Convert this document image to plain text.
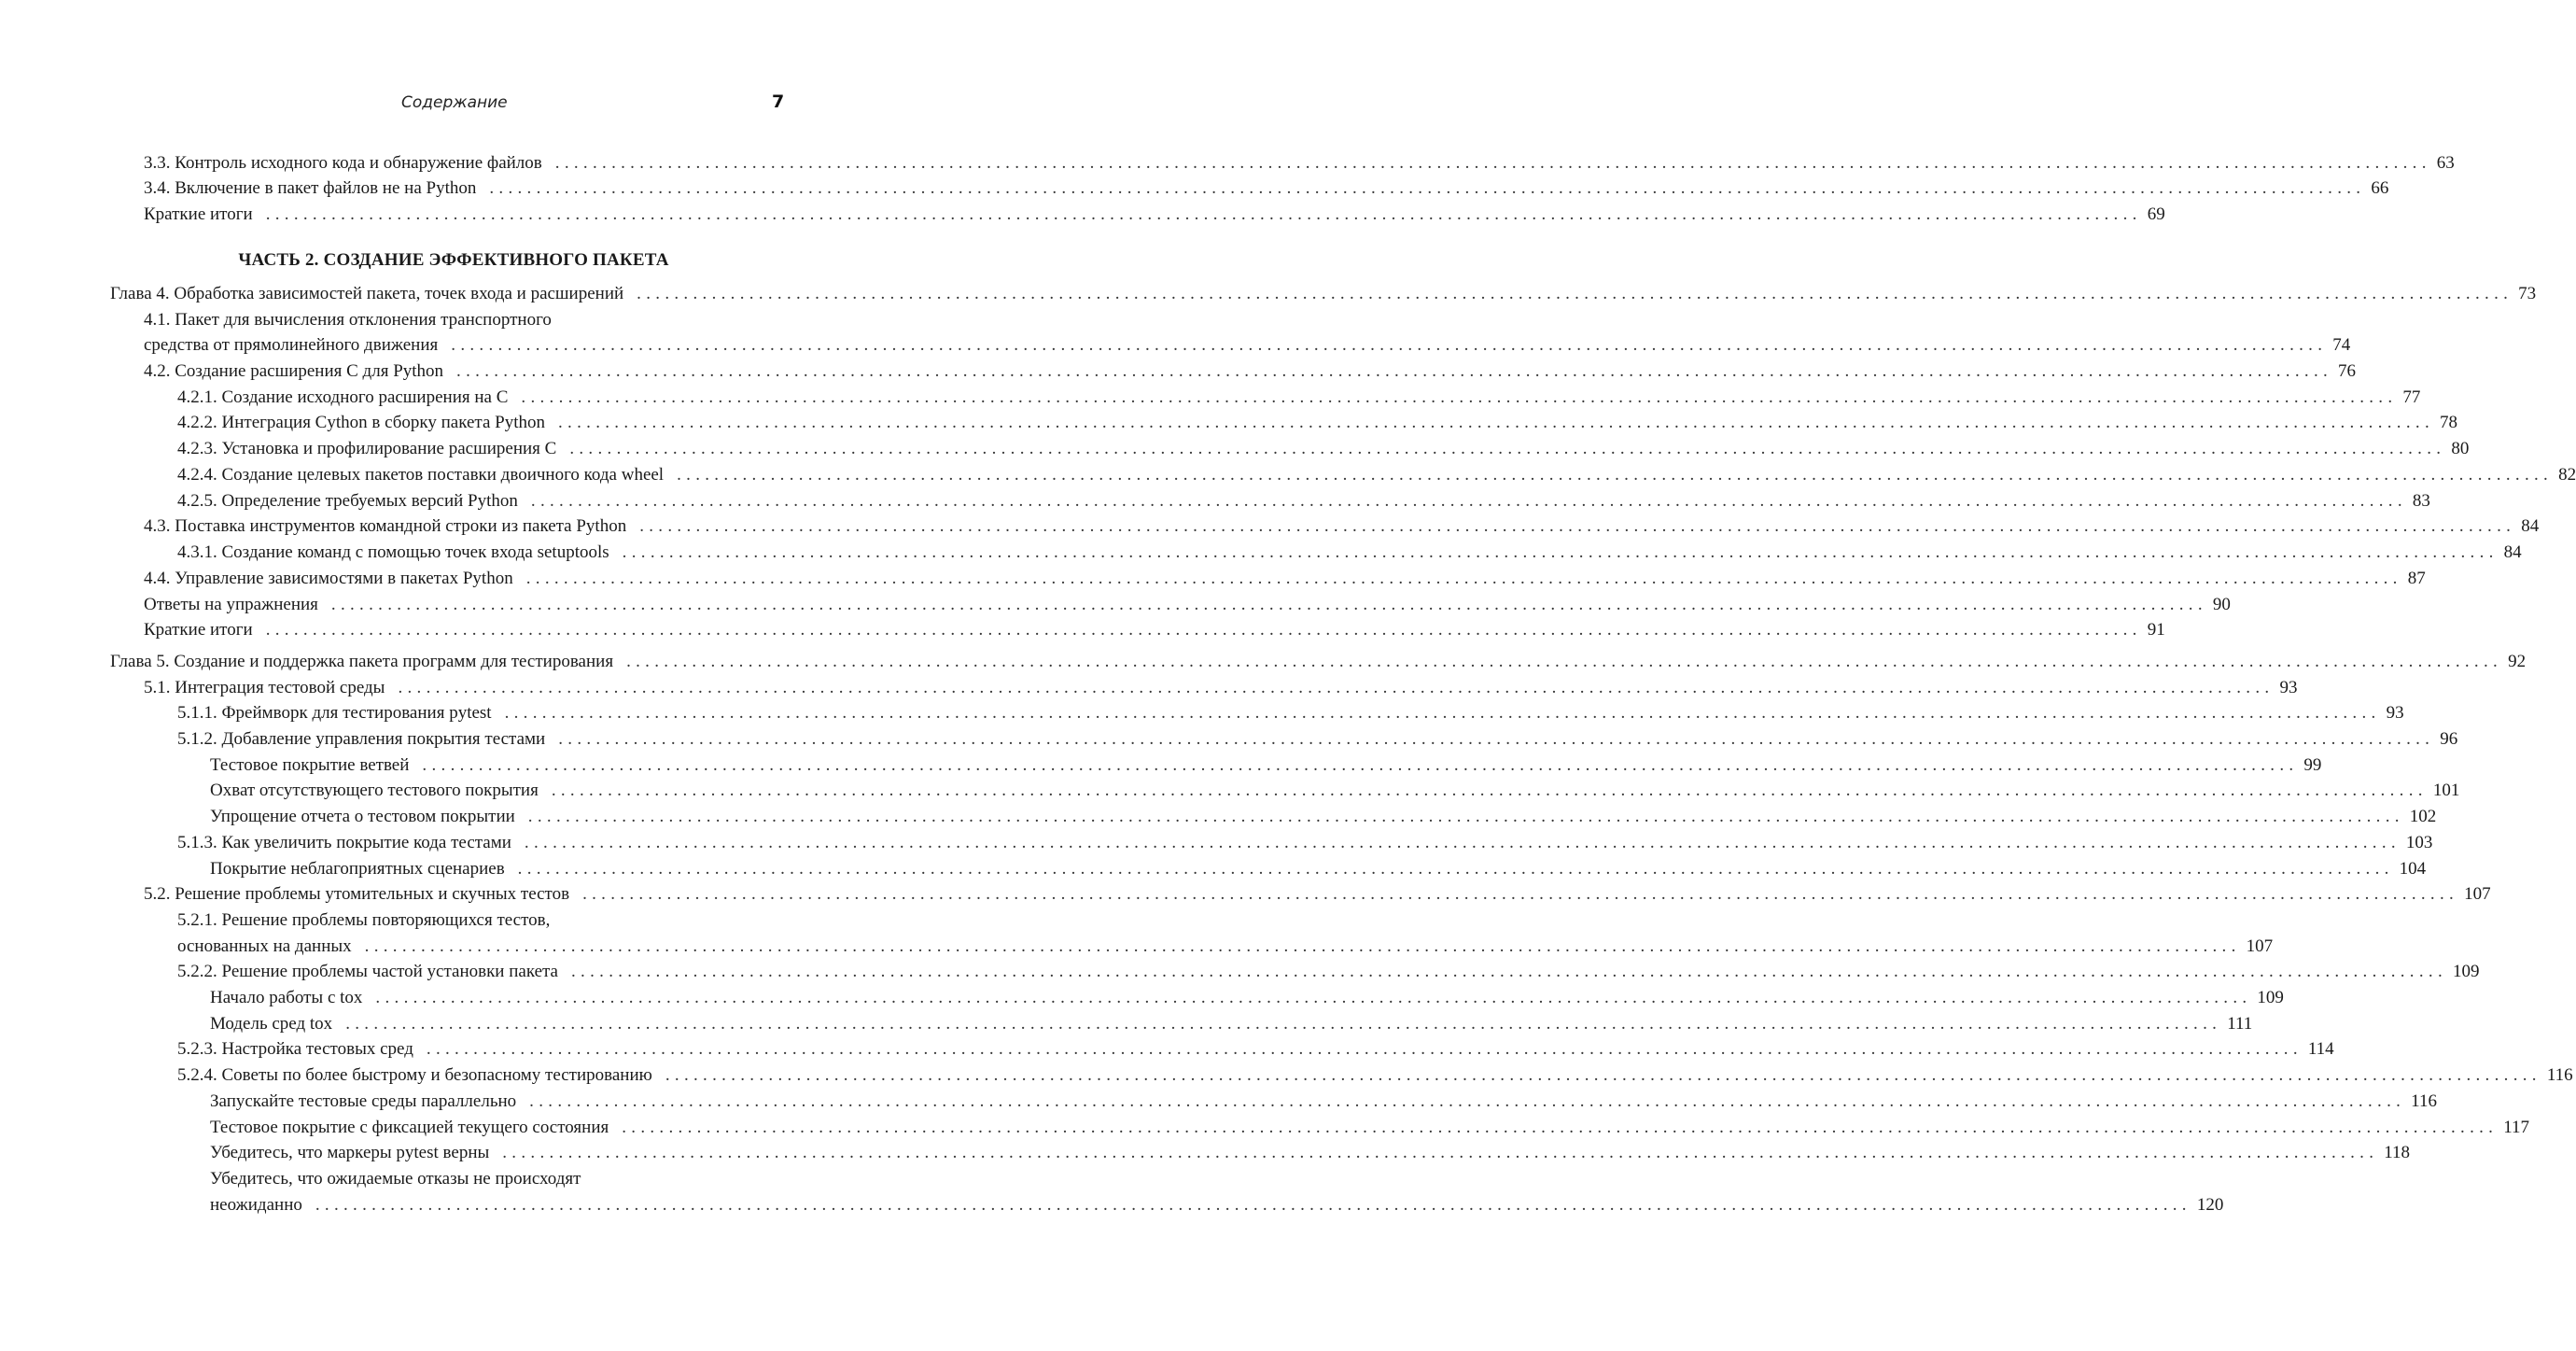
Содержание	7
ЧАСТЬ 2. СОЗДАНИЕ ЭФФЕКТИВНОГО ПАКЕТА
3.3. Контроль исходного кода и обнаружение файлов ........................................................................................................................................................................................................ 63
3.4. Включение в пакет файлов не на Python ........................................................................................................................................................................................................ 66
Краткие итоги ........................................................................................................................................................................................................ 69
Глава 4. Обработка зависимостей пакета, точек входа и расширений ........................................................................................................................................................................................................ 73
4.1. Пакет для вычисления отклонения транспортного
средства от прямолинейного движения ........................................................................................................................................................................................................ 74
4.2. Создание расширения C для Python ........................................................................................................................................................................................................ 76
4.2.1. Создание исходного расширения на C ........................................................................................................................................................................................................ 77
4.2.2. Интеграция Cython в сборку пакета Python ........................................................................................................................................................................................................ 78
4.2.3. Установка и профилирование расширения C ........................................................................................................................................................................................................ 80
4.2.4. Создание целевых пакетов поставки двоичного кода wheel ........................................................................................................................................................................................................ 82
4.2.5. Определение требуемых версий Python ........................................................................................................................................................................................................ 83
4.3. Поставка инструментов командной строки из пакета Python ........................................................................................................................................................................................................ 84
4.3.1. Создание команд с помощью точек входа setuptools ........................................................................................................................................................................................................ 84
4.4. Управление зависимостями в пакетах Python ........................................................................................................................................................................................................ 87
Ответы на упражнения ........................................................................................................................................................................................................ 90
Краткие итоги ........................................................................................................................................................................................................ 91
Глава 5. Создание и поддержка пакета программ для тестирования ........................................................................................................................................................................................................ 92
5.1. Интеграция тестовой среды ........................................................................................................................................................................................................ 93
5.1.1. Фреймворк для тестирования pytest ........................................................................................................................................................................................................ 93
5.1.2. Добавление управления покрытия тестами ........................................................................................................................................................................................................ 96
Тестовое покрытие ветвей ........................................................................................................................................................................................................ 99
Охват отсутствующего тестового покрытия ........................................................................................................................................................................................................ 101
Упрощение отчета о тестовом покрытии ........................................................................................................................................................................................................ 102
5.1.3. Как увеличить покрытие кода тестами ........................................................................................................................................................................................................ 103
Покрытие неблагоприятных сценариев ........................................................................................................................................................................................................ 104
5.2. Решение проблемы утомительных и скучных тестов ........................................................................................................................................................................................................ 107
5.2.1. Решение проблемы повторяющихся тестов,
основанных на данных ........................................................................................................................................................................................................ 107
5.2.2. Решение проблемы частой установки пакета ........................................................................................................................................................................................................ 109
Начало работы с tox ........................................................................................................................................................................................................ 109
Модель сред tox ........................................................................................................................................................................................................ 111
5.2.3. Настройка тестовых сред ........................................................................................................................................................................................................ 114
5.2.4. Советы по более быстрому и безопасному тестированию ........................................................................................................................................................................................................ 116
Запускайте тестовые среды параллельно ........................................................................................................................................................................................................ 116
Тестовое покрытие с фиксацией текущего состояния ........................................................................................................................................................................................................ 117
Убедитесь, что маркеры pytest верны ........................................................................................................................................................................................................ 118
Убедитесь, что ожидаемые отказы не происходят
неожиданно ........................................................................................................................................................................................................ 120
